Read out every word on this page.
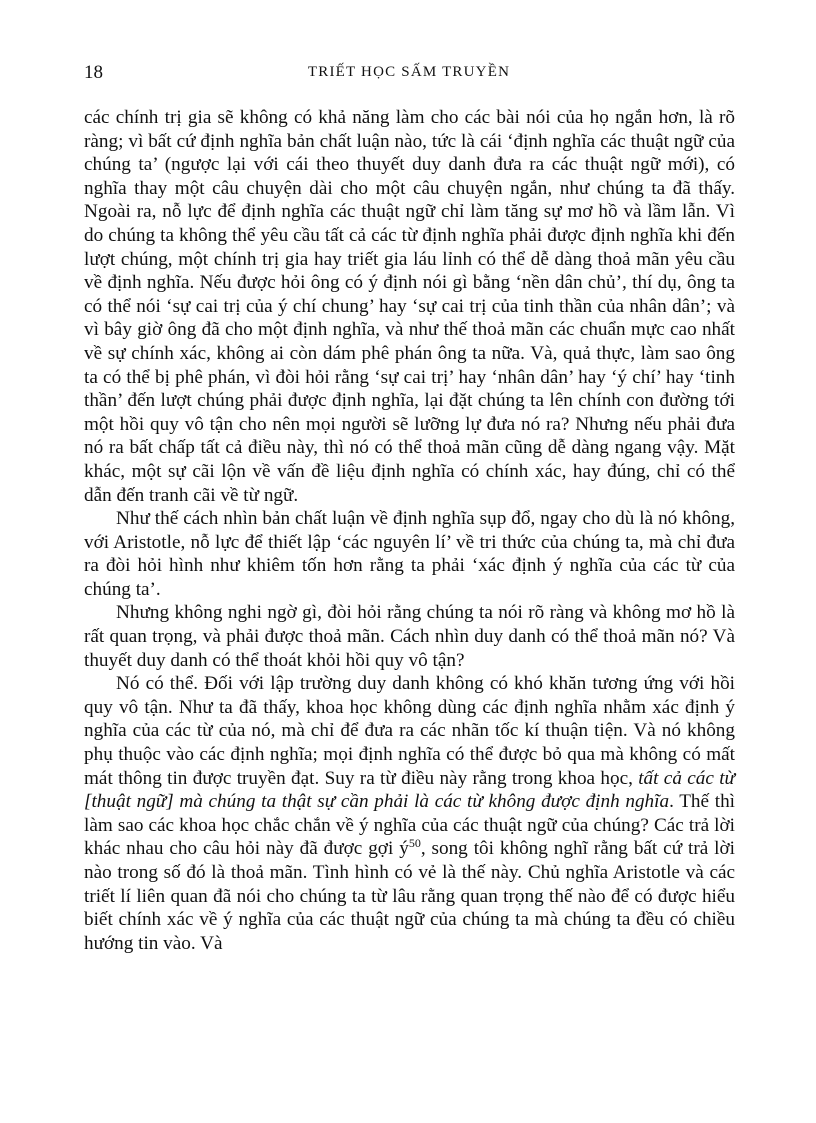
18	TRIẾT HỌC SẤM TRUYỀN

các chính trị gia sẽ không có khả năng làm cho các bài nói của họ ngắn hơn, là rõ ràng; vì bất cứ định nghĩa bản chất luận nào, tức là cái ‘định nghĩa các thuật ngữ của chúng ta’ (ngược lại với cái theo thuyết duy danh đưa ra các thuật ngữ mới), có nghĩa thay một câu chuyện dài cho một câu chuyện ngắn, như chúng ta đã thấy. Ngoài ra, nỗ lực để định nghĩa các thuật ngữ chỉ làm tăng sự mơ hồ và lầm lẫn. Vì do chúng ta không thể yêu cầu tất cả các từ định nghĩa phải được định nghĩa khi đến lượt chúng, một chính trị gia hay triết gia láu lỉnh có thể dễ dàng thoả mãn yêu cầu về định nghĩa. Nếu được hỏi ông có ý định nói gì bằng ‘nền dân chủ’, thí dụ, ông ta có thể nói ‘sự cai trị của ý chí chung’ hay ‘sự cai trị của tinh thần của nhân dân’; và vì bây giờ ông đã cho một định nghĩa, và như thế thoả mãn các chuẩn mực cao nhất về sự chính xác, không ai còn dám phê phán ông ta nữa. Và, quả thực, làm sao ông ta có thể bị phê phán, vì đòi hỏi rằng ‘sự cai trị’ hay ‘nhân dân’ hay ‘ý chí’ hay ‘tinh thần’ đến lượt chúng phải được định nghĩa, lại đặt chúng ta lên chính con đường tới một hồi quy vô tận cho nên mọi người sẽ lưỡng lự đưa nó ra? Nhưng nếu phải đưa nó ra bất chấp tất cả điều này, thì nó có thể thoả mãn cũng dễ dàng ngang vậy. Mặt khác, một sự cãi lộn về vấn đề liệu định nghĩa có chính xác, hay đúng, chỉ có thể dẫn đến tranh cãi về từ ngữ.

Như thế cách nhìn bản chất luận về định nghĩa sụp đổ, ngay cho dù là nó không, với Aristotle, nỗ lực để thiết lập ‘các nguyên lí’ về tri thức của chúng ta, mà chỉ đưa ra đòi hỏi hình như khiêm tốn hơn rằng ta phải ‘xác định ý nghĩa của các từ của chúng ta’.

Nhưng không nghi ngờ gì, đòi hỏi rằng chúng ta nói rõ ràng và không mơ hồ là rất quan trọng, và phải được thoả mãn. Cách nhìn duy danh có thể thoả mãn nó? Và thuyết duy danh có thể thoát khỏi hồi quy vô tận?

Nó có thể. Đối với lập trường duy danh không có khó khăn tương ứng với hồi quy vô tận. Như ta đã thấy, khoa học không dùng các định nghĩa nhằm xác định ý nghĩa của các từ của nó, mà chỉ để đưa ra các nhãn tốc kí thuận tiện. Và nó không phụ thuộc vào các định nghĩa; mọi định nghĩa có thể được bỏ qua mà không có mất mát thông tin được truyền đạt. Suy ra từ điều này rằng trong khoa học, tất cả các từ [thuật ngữ] mà chúng ta thật sự cần phải là các từ không được định nghĩa. Thế thì làm sao các khoa học chắc chắn về ý nghĩa của các thuật ngữ của chúng? Các trả lời khác nhau cho câu hỏi này đã được gợi $ý^{50}$, song tôi không nghĩ rằng bất cứ trả lời nào trong số đó là thoả mãn. Tình hình có vẻ là thế này. Chủ nghĩa Aristotle và các triết lí liên quan đã nói cho chúng ta từ lâu rằng quan trọng thế nào để có được hiểu biết chính xác về ý nghĩa của các thuật ngữ của chúng ta mà chúng ta đều có chiều hướng tin vào. Và
